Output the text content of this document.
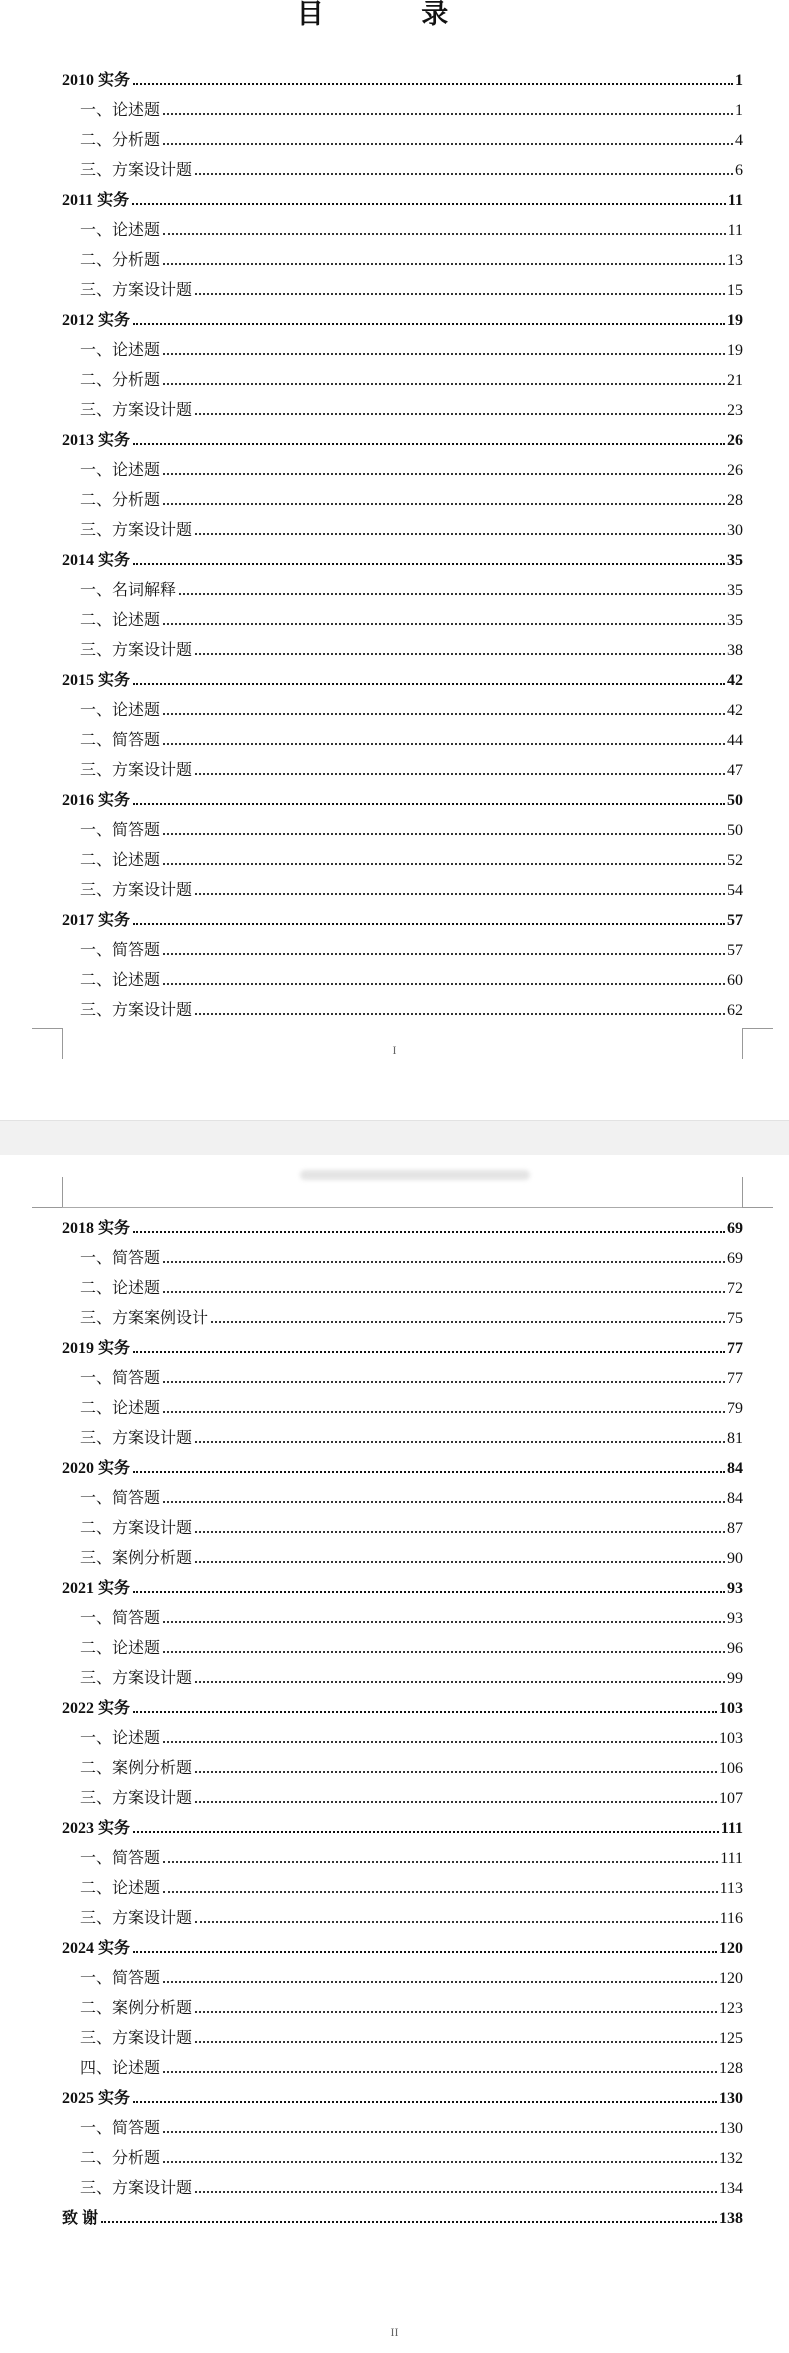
目 录
2010 实务	1
一、论述题	1
二、分析题	4
三、方案设计题	6
2011 实务	11
一、论述题	11
二、分析题	13
三、方案设计题	15
2012 实务	19
一、论述题	19
二、分析题	21
三、方案设计题	23
2013 实务	26
一、论述题	26
二、分析题	28
三、方案设计题	30
2014 实务	35
一、名词解释	35
二、论述题	35
三、方案设计题	38
2015 实务	42
一、论述题	42
二、简答题	44
三、方案设计题	47
2016 实务	50
一、简答题	50
二、论述题	52
三、方案设计题	54
2017 实务	57
一、简答题	57
二、论述题	60
三、方案设计题	62
I
2018 实务	69
一、简答题	69
二、论述题	72
三、方案案例设计	75
2019 实务	77
一、简答题	77
二、论述题	79
三、方案设计题	81
2020 实务	84
一、简答题	84
二、方案设计题	87
三、案例分析题	90
2021 实务	93
一、简答题	93
二、论述题	96
三、方案设计题	99
2022 实务	103
一、论述题	103
二、案例分析题	106
三、方案设计题	107
2023 实务	111
一、简答题	111
二、论述题	113
三、方案设计题	116
2024 实务	120
一、简答题	120
二、案例分析题	123
三、方案设计题	125
四、论述题	128
2025 实务	130
一、简答题	130
二、分析题	132
三、方案设计题	134
致 谢	138
II
